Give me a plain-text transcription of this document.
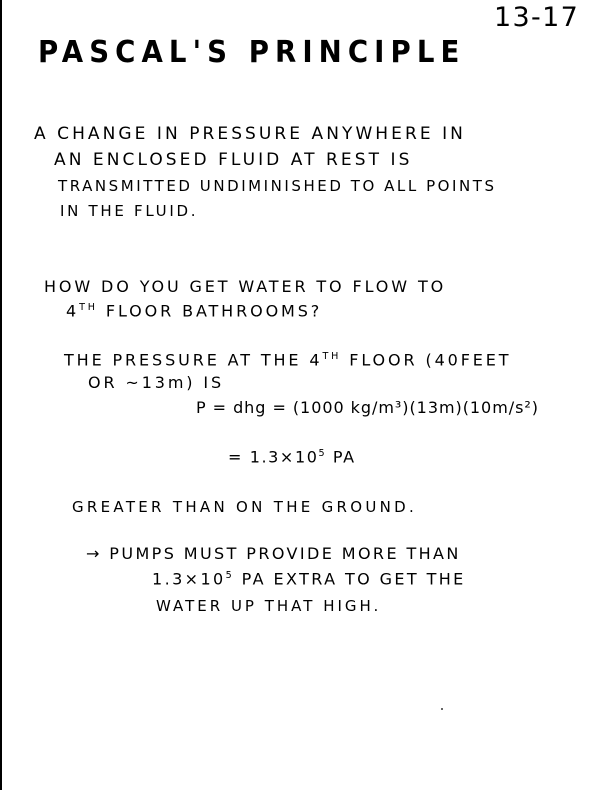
13-17
PASCAL'S PRINCIPLE
A CHANGE IN PRESSURE ANYWHERE IN
AN ENCLOSED FLUID AT REST IS
TRANSMITTED UNDIMINISHED TO ALL POINTS
IN THE FLUID.
HOW DO YOU GET WATER TO FLOW TO
4TH FLOOR BATHROOMS?
THE PRESSURE AT THE 4TH FLOOR (40FEET
OR ~13m) IS
P = dhg = (1000 kg/m³)(13m)(10m/s²)
= $1.3\times 10^5$ PA
GREATER THAN ON THE GROUND.
→ PUMPS MUST PROVIDE MORE THAN
$1.3\times 10^5$ PA EXTRA TO GET THE
WATER UP THAT HIGH.
